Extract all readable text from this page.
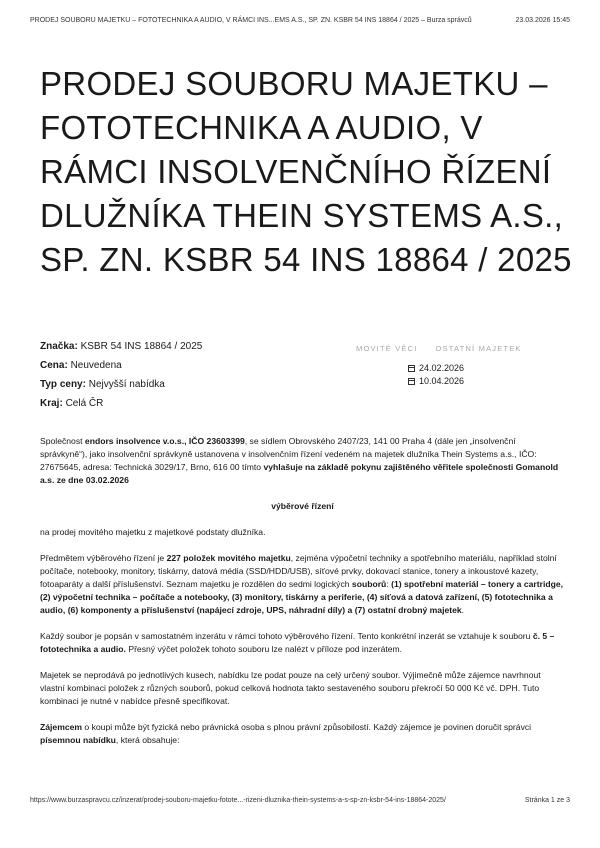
PRODEJ SOUBORU MAJETKU – FOTOTECHNIKA A AUDIO, V RÁMCI INS...EMS A.S., SP. ZN. KSBR 54 INS 18864 / 2025 – Burza správců	23.03.2026 15:45
PRODEJ SOUBORU MAJETKU – FOTOTECHNIKA A AUDIO, V RÁMCI INSOLVENČNÍHO ŘÍZENÍ DLUŽNÍKA THEIN SYSTEMS A.S., SP. ZN. KSBR 54 INS 18864 / 2025
Značka: KSBR 54 INS 18864 / 2025
Cena: Neuvedena
Typ ceny: Nejvyšší nabídka
Kraj: Celá ČR
MOVITÉ VĚCI OSTATNÍ MAJETEK
24.02.2026
10.04.2026

Společnost endors insolvence v.o.s., IČO 23603399, se sídlem Obrovského 2407/23, 141 00 Praha 4 (dále jen „insolvenční správkyně“), jako insolvenční správkyně ustanovena v insolvenčním řízení vedeném na majetek dlužníka Thein Systems a.s., IČO: 27675645, adresa: Technická 3029/17, Brno, 616 00 tímto vyhlašuje na základě pokynu zajištěného věřitele společnosti Gomanold a.s. ze dne 03.02.2026

výběrové řízení

na prodej movitého majetku z majetkové podstaty dlužníka.

Předmětem výběrového řízení je 227 položek movitého majetku, zejména výpočetní techniky a spotřebního materiálu, například stolní počítače, notebooky, monitory, tiskárny, datová média (SSD/HDD/USB), síťové prvky, dokovací stanice, tonery a inkoustové kazety, fotoaparáty a další příslušenství. Seznam majetku je rozdělen do sedmi logických souborů: (1) spotřební materiál – tonery a cartridge, (2) výpočetní technika – počítače a notebooky, (3) monitory, tiskárny a periferie, (4) síťová a datová zařízení, (5) fototechnika a audio, (6) komponenty a příslušenství (napájecí zdroje, UPS, náhradní díly) a (7) ostatní drobný majetek.

Každý soubor je popsán v samostatném inzerátu v rámci tohoto výběrového řízení. Tento konkrétní inzerát se vztahuje k souboru č. 5 – fototechnika a audio. Přesný výčet položek tohoto souboru lze nalézt v příloze pod inzerátem.

Majetek se neprodává po jednotlivých kusech, nabídku lze podat pouze na celý určený soubor. Výjimečně může zájemce navrhnout vlastní kombinaci položek z různých souborů, pokud celková hodnota takto sestaveného souboru překročí 50 000 Kč vč. DPH. Tuto kombinaci je nutné v nabídce přesně specifikovat.

Zájemcem o koupi může být fyzická nebo právnická osoba s plnou právní způsobilostí. Každý zájemce je povinen doručit správci písemnou nabídku, která obsahuje:

https://www.burzaspravcu.cz/inzerat/prodej-souboru-majetku-fotote...-rizeni-dluznika-thein-systems-a-s-sp-zn-ksbr-54-ins-18864-2025/	Stránka 1 ze 3
